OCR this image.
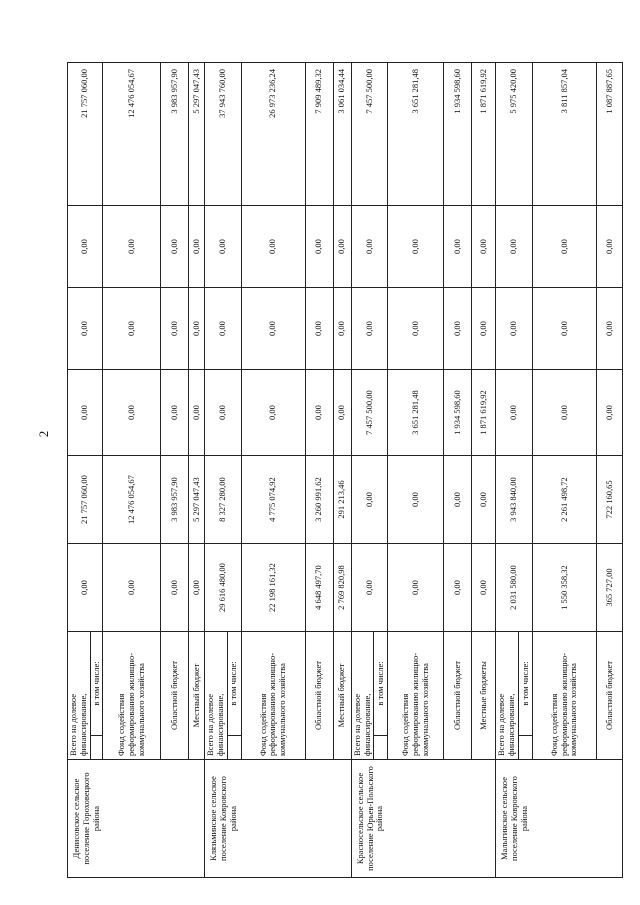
2
Денисовское сельское поселение Гороховецкого района	Всего на долевое финансирование,		0,00	21 757 060,00	0,00	0,00	0,00	21 757 060,00
		в том числе:						
	Фонд содействия реформированию жилищно-коммунального хозяйства		0,00	12 476 054,67	0,00	0,00	0,00	12 476 054,67
	Областной бюджет		0,00	3 983 957,90	0,00	0,00	0,00	3 983 957,90
	Местный бюджет		0,00	5 297 047,43	0,00	0,00	0,00	5 297 047,43
Клязьминское сельское поселение Ковровского района	Всего на долевое финансирование,		29 616 480,00	8 327 280,00	0,00	0,00	0,00	37 943 760,00
		в том числе:						
	Фонд содействия реформированию жилищно-коммунального хозяйства		22 198 161,32	4 775 074,92	0,00	0,00	0,00	26 973 236,24
	Областной бюджет		4 648 497,70	3 260 991,62	0,00	0,00	0,00	7 909 489,32
	Местный бюджет		2 769 820,98	291 213,46	0,00	0,00	0,00	3 061 034,44
Красносельское сельское поселение Юрьев-Польского района	Всего на долевое финансирование,		0,00	0,00	7 457 500,00	0,00	0,00	7 457 500,00
		в том числе:						
	Фонд содействия реформированию жилищно-коммунального хозяйства		0,00	0,00	3 651 281,48	0,00	0,00	3 651 281,48
	Областной бюджет		0,00	0,00	1 934 598,60	0,00	0,00	1 934 598,60
	Местные бюджеты		0,00	0,00	1 871 619,92	0,00	0,00	1 871 619,92
Малыгинское сельское поселение Ковровского района	Всего на долевое финансирование,		2 031 580,00	3 943 840,00	0,00	0,00	0,00	5 975 420,00
		в том числе:						
	Фонд содействия реформированию жилищно-коммунального хозяйства		1 550 358,32	2 261 498,72	0,00	0,00	0,00	3 811 857,04
	Областной бюджет		365 727,00	722 160,65	0,00	0,00	0,00	1 087 887,65
